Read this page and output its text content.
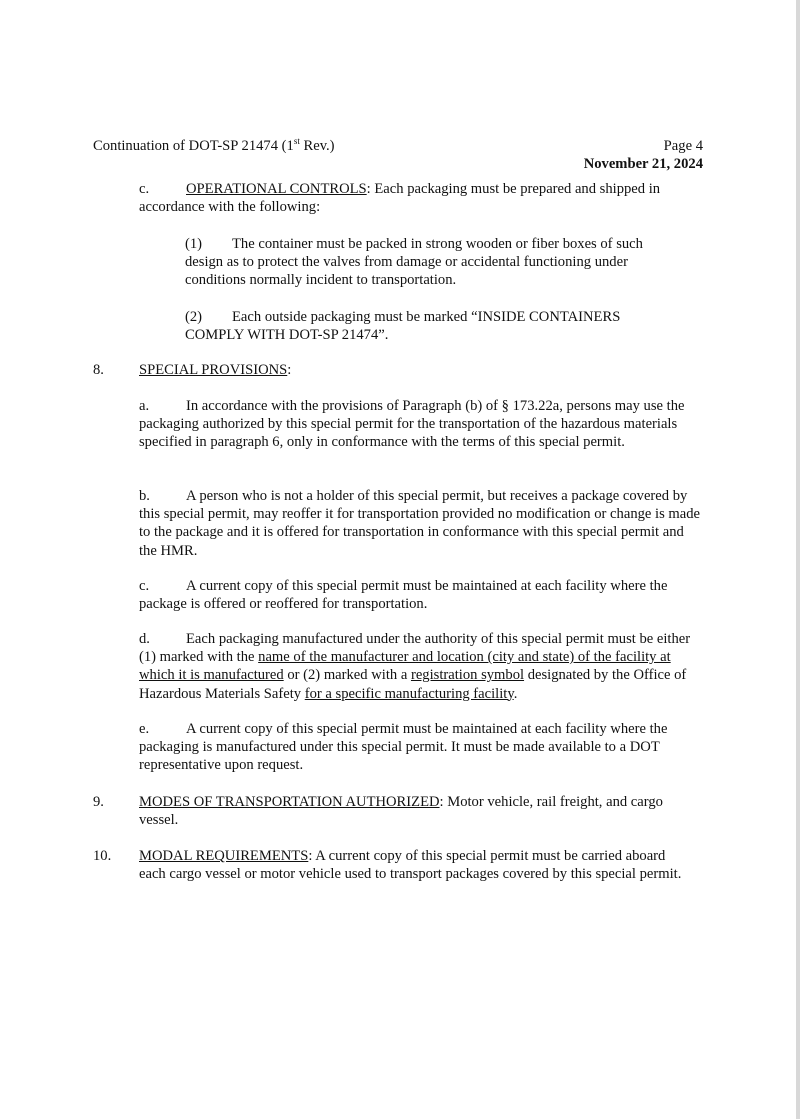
Continuation of DOT-SP 21474 (1st Rev.)	Page 4
November 21, 2024

c.	OPERATIONAL CONTROLS: Each packaging must be prepared and shipped in accordance with the following:

(1) The container must be packed in strong wooden or fiber boxes of such design as to protect the valves from damage or accidental functioning under conditions normally incident to transportation.

(2) Each outside packaging must be marked “INSIDE CONTAINERS COMPLY WITH DOT-SP 21474”.

8. SPECIAL PROVISIONS:

a.	In accordance with the provisions of Paragraph (b) of § 173.22a, persons may use the packaging authorized by this special permit for the transportation of the hazardous materials specified in paragraph 6, only in conformance with the terms of this special permit.

b. A person who is not a holder of this special permit, but receives a package covered by this special permit, may reoffer it for transportation provided no modification or change is made to the package and it is offered for transportation in conformance with this special permit and the HMR.

c.	A current copy of this special permit must be maintained at each facility where the package is offered or reoffered for transportation.

d. Each packaging manufactured under the authority of this special permit must be either (1) marked with the name of the manufacturer and location (city and state) of the facility at which it is manufactured or (2) marked with a registration symbol designated by the Office of Hazardous Materials Safety for a specific manufacturing facility.

e.	A current copy of this special permit must be maintained at each facility where the packaging is manufactured under this special permit. It must be made available to a DOT representative upon request.

9. MODES OF TRANSPORTATION AUTHORIZED: Motor vehicle, rail freight, and cargo vessel.

10. MODAL REQUIREMENTS: A current copy of this special permit must be carried aboard each cargo vessel or motor vehicle used to transport packages covered by this special permit.
